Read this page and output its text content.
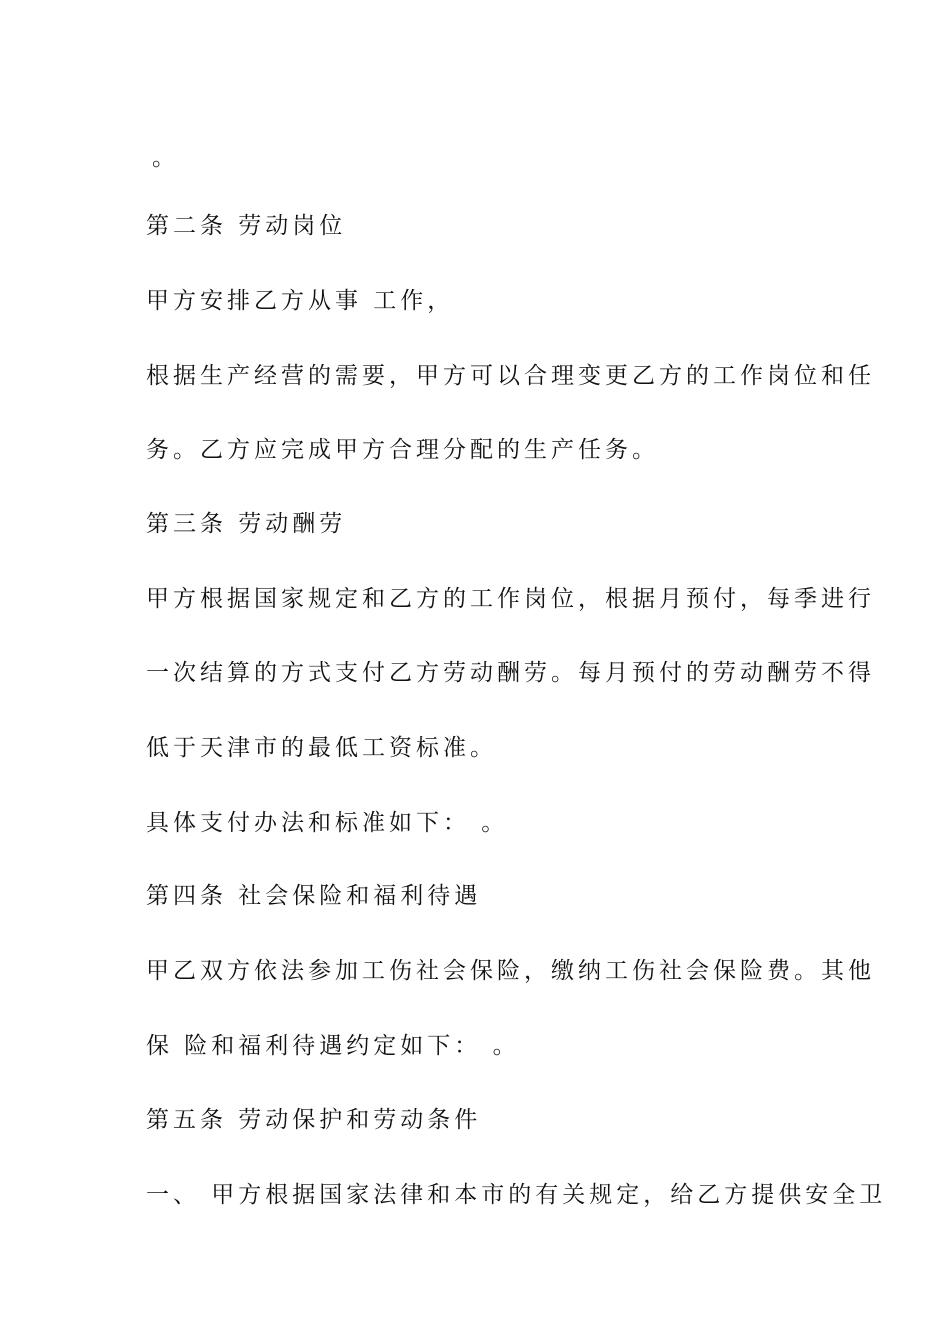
。
第二条 劳动岗位
甲方安排乙方从事 工作，
根据生产经营的需要，甲方可以合理变更乙方的工作岗位和任
务。乙方应完成甲方合理分配的生产任务。
第三条 劳动酬劳
甲方根据国家规定和乙方的工作岗位，根据月预付，每季进行
一次结算的方式支付乙方劳动酬劳。每月预付的劳动酬劳不得
低于天津市的最低工资标准。
具体支付办法和标准如下： 。
第四条 社会保险和福利待遇
甲乙双方依法参加工伤社会保险，缴纳工伤社会保险费。其他
保 险和福利待遇约定如下： 。
第五条 劳动保护和劳动条件
一、 甲方根据国家法律和本市的有关规定，给乙方提供安全卫
